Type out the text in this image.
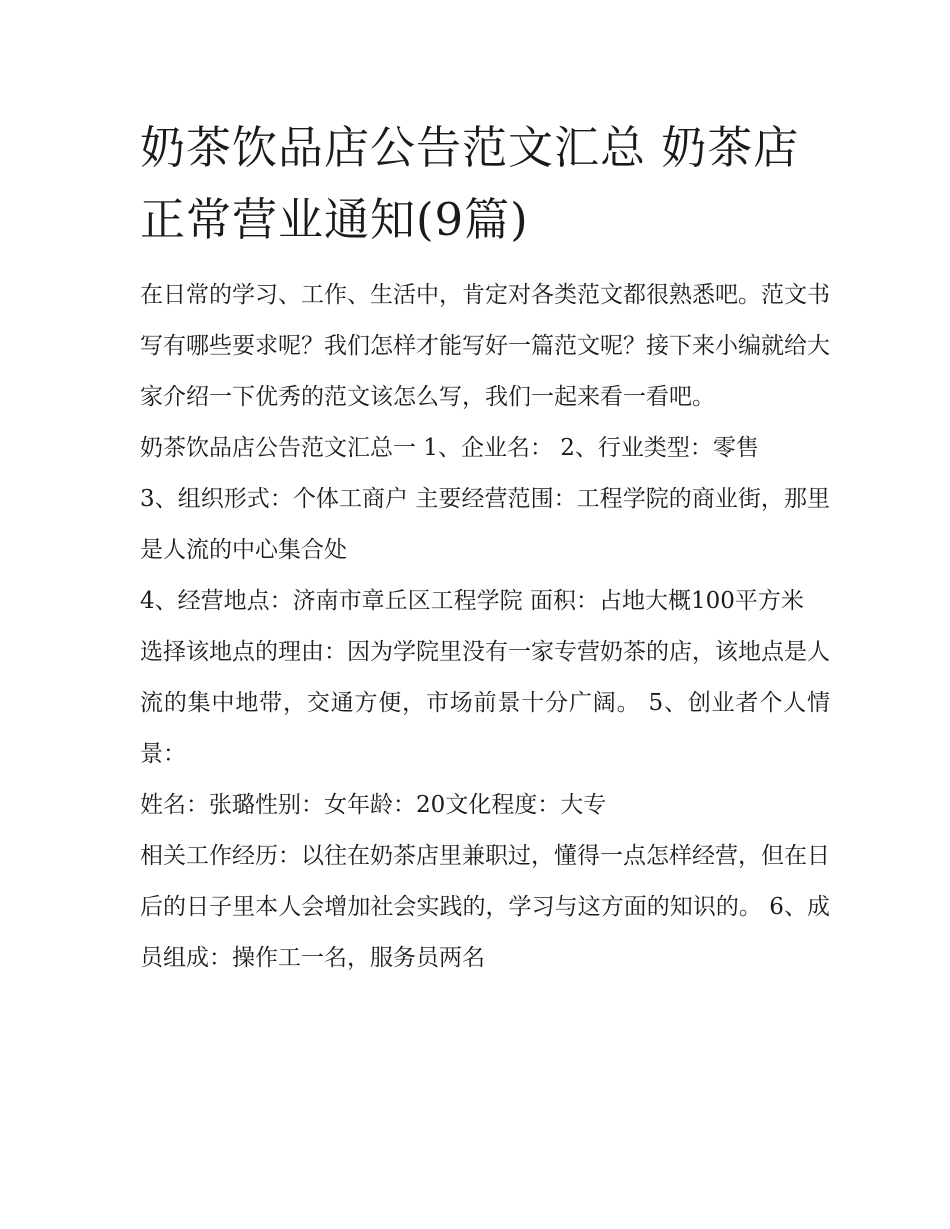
奶茶饮品店公告范文汇总 奶茶店正常营业通知(9篇)

在日常的学习、工作、生活中，肯定对各类范文都很熟悉吧。范文书写有哪些要求呢？我们怎样才能写好一篇范文呢？接下来小编就给大家介绍一下优秀的范文该怎么写，我们一起来看一看吧。

奶茶饮品店公告范文汇总一 1、企业名： 2、行业类型：零售

3、组织形式：个体工商户 主要经营范围：工程学院的商业街，那里是人流的中心集合处

4、经营地点：济南市章丘区工程学院 面积：占地大概100平方米

选择该地点的理由：因为学院里没有一家专营奶茶的店，该地点是人流的集中地带，交通方便，市场前景十分广阔。 5、创业者个人情景：

姓名：张璐性别：女年龄：20文化程度：大专

相关工作经历：以往在奶茶店里兼职过，懂得一点怎样经营，但在日后的日子里本人会增加社会实践的，学习与这方面的知识的。 6、成员组成：操作工一名，服务员两名
